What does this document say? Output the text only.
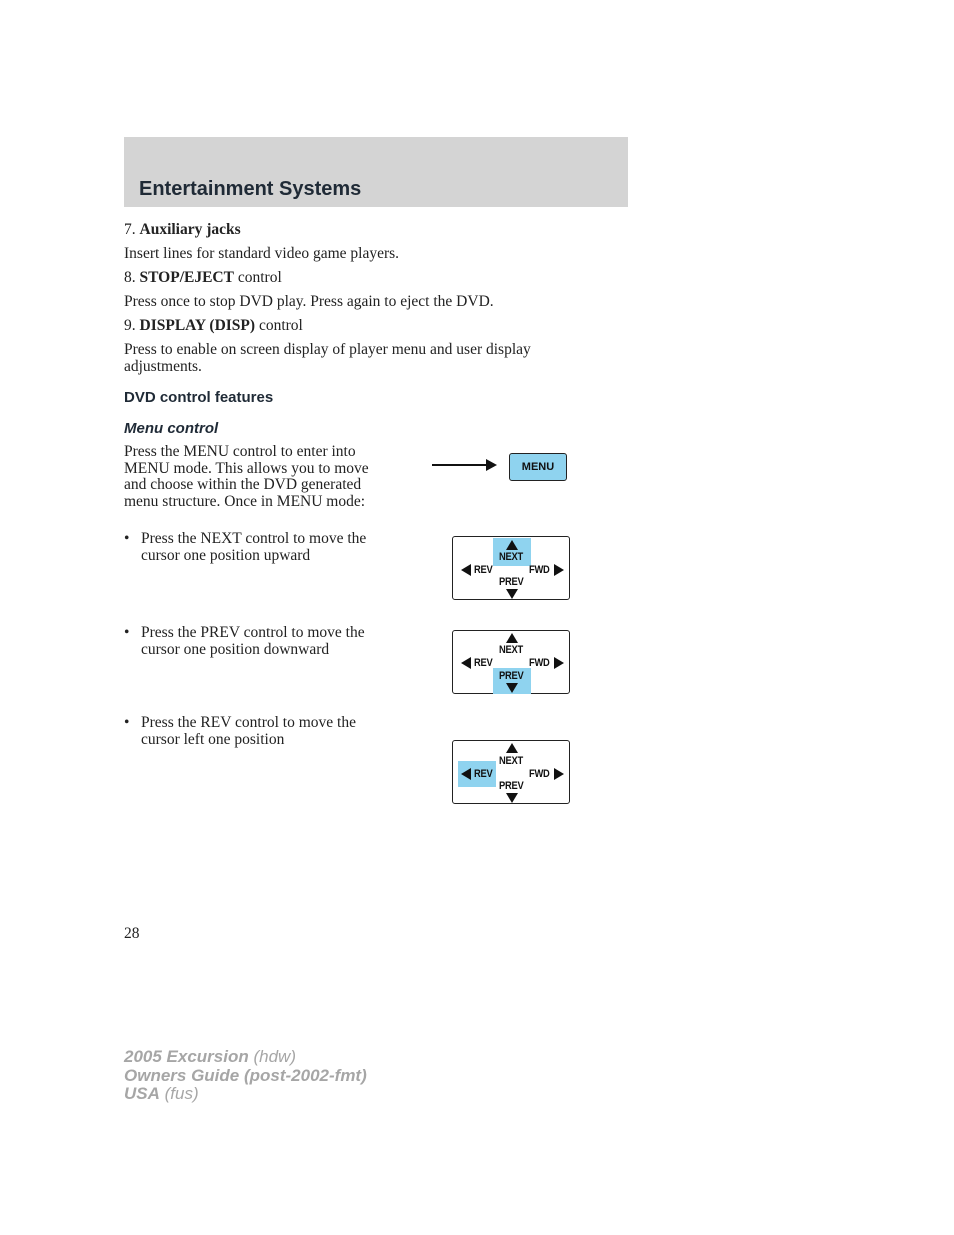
Entertainment Systems
7. Auxiliary jacks
Insert lines for standard video game players.
8. STOP/EJECT control
Press once to stop DVD play. Press again to eject the DVD.
9. DISPLAY (DISP) control
Press to enable on screen display of player menu and user display adjustments.
DVD control features
Menu control
Press the MENU control to enter into MENU mode. This allows you to move and choose within the DVD generated menu structure. Once in MENU mode:
MENU
• Press the NEXT control to move the cursor one position upward
• Press the PREV control to move the cursor one position downward
• Press the REV control to move the cursor left one position
NEXT
REV	FWD
PREV
NEXT
REV	FWD
PREV
NEXT
REV	FWD
PREV
28
2005 Excursion (hdw)
Owners Guide (post-2002-fmt)
USA (fus)
